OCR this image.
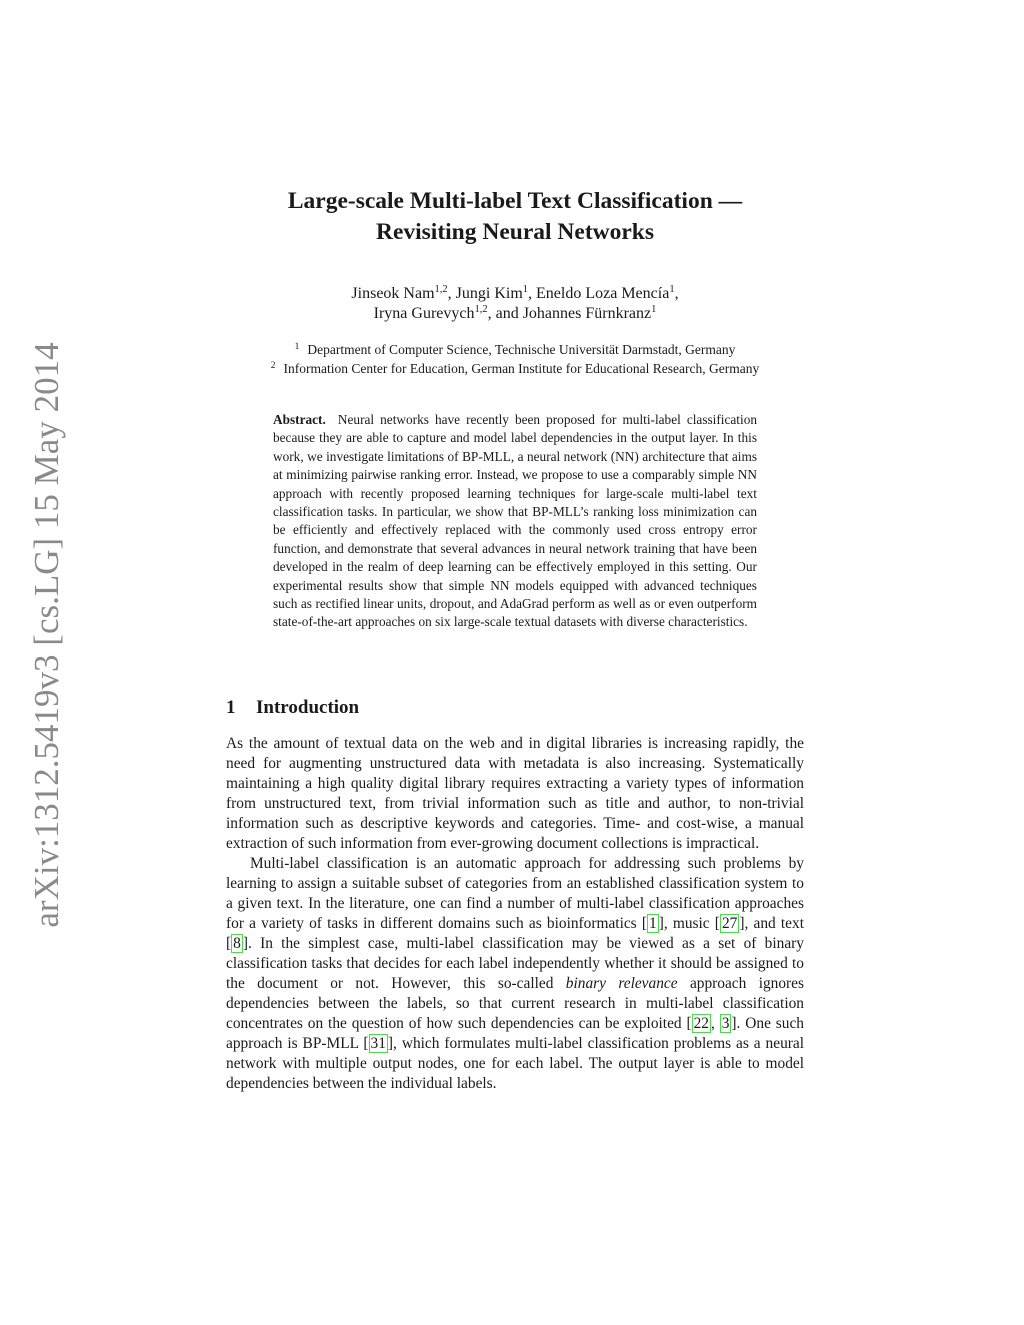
arXiv:1312.5419v3 [cs.LG] 15 May 2014
Large-scale Multi-label Text Classification —
Revisiting Neural Networks
Jinseok Nam$^{1,2}$, Jungi Kim$^1$, Eneldo Loza Mencía$^1$,
Iryna Gurevych$^{1,2}$, and Johannes Fürnkranz$^1$
$^1$ Department of Computer Science, Technische Universität Darmstadt, Germany
$^2$ Information Center for Education, German Institute for Educational Research, Germany
Abstract. Neural networks have recently been proposed for multi-label classification because they are able to capture and model label dependencies in the output layer. In this work, we investigate limitations of BP-MLL, a neural network (NN) architecture that aims at minimizing pairwise ranking error. Instead, we propose to use a comparably simple NN approach with recently proposed learning techniques for large-scale multi-label text classification tasks. In particular, we show that BP-MLL’s ranking loss minimization can be efficiently and effectively replaced with the commonly used cross entropy error function, and demonstrate that several advances in neural network training that have been developed in the realm of deep learning can be effectively employed in this setting. Our experimental results show that simple NN models equipped with advanced techniques such as rectified linear units, dropout, and AdaGrad perform as well as or even outperform state-of-the-art approaches on six large-scale textual datasets with diverse characteristics.
1 Introduction

As the amount of textual data on the web and in digital libraries is increasing rapidly, the need for augmenting unstructured data with metadata is also increasing. Systematically maintaining a high quality digital library requires extracting a variety types of information from unstructured text, from trivial information such as title and author, to non-trivial information such as descriptive keywords and categories. Time- and cost-wise, a manual extraction of such information from ever-growing document collections is impractical.

Multi-label classification is an automatic approach for addressing such problems by learning to assign a suitable subset of categories from an established classification system to a given text. In the literature, one can find a number of multi-label classification approaches for a variety of tasks in different domains such as bioinformatics [ 1 ], music [ 27 ], and text [ 8 ]. In the simplest case, multi-label classification may be viewed as a set of binary classification tasks that decides for each label independently whether it should be assigned to the document or not. However, this so-called binary relevance approach ignores dependencies between the labels, so that current research in multi-label classification concentrates on the question of how such dependencies can be exploited [ 22 , 3 ]. One such approach is BP-MLL [ 31 ], which formulates multi-label classification problems as a neural network with multiple output nodes, one for each label. The output layer is able to model dependencies between the individual labels.
